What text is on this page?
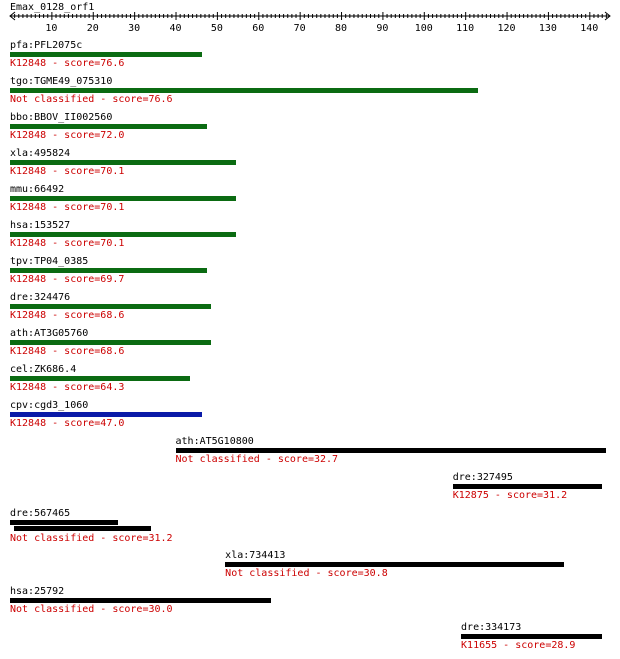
Emax_0128_orf1
10	20	30	40	50	60	70	80	90	100 110 120 130 140
pfa:PFL2075c
K12848 - score=76.6
tgo:TGME49_075310
Not classified - score=76.6
bbo:BBOV_II002560
K12848 - score=72.0
xla:495824
K12848 - score=70.1
mmu:66492
K12848 - score=70.1
hsa:153527
K12848 - score=70.1
tpv:TP04_0385
K12848 - score=69.7
dre:324476
K12848 - score=68.6
ath:AT3G05760
K12848 - score=68.6
cel:ZK686.4
K12848 - score=64.3
cpv:cgd3_1060
K12848 - score=47.0
ath:AT5G10800
Not classified - score=32.7
dre:327495
K12875 - score=31.2
dre:567465
Not classified - score=31.2
xla:734413
Not classified - score=30.8
hsa:25792
Not classified - score=30.0
dre:334173
K11655 - score=28.9
